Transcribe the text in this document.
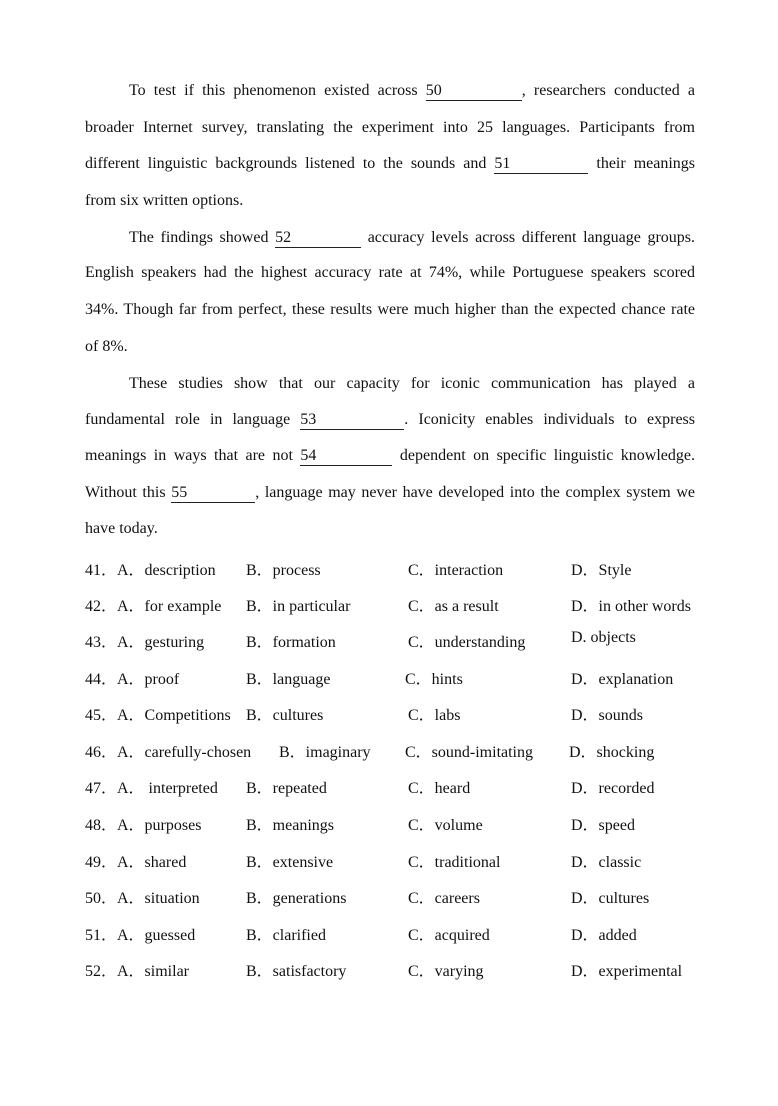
To test if this phenomenon existed across 50	, researchers conducted a
broader Internet survey, translating the experiment into 25 languages. Participants from
different linguistic backgrounds listened to the sounds and 51	their meanings
from six written options.
The findings showed 52	accuracy levels across different language groups.
English speakers had the highest accuracy rate at 74%, while Portuguese speakers scored
34%. Though far from perfect, these results were much higher than the expected chance rate
of 8%.
These studies show that our capacity for iconic communication has played a
fundamental role in language 53	. Iconicity enables individuals to express
meanings in ways that are not 54	dependent on specific linguistic knowledge.
Without this 55	, language may never have developed into the complex system we
have today.
41． A．description B．process	C．interaction	D．Style
42． A．for example B．in particular	C．as a result	D．in other words
43． A．gesturing	B．formation	C．understanding	D. objects
44． A．proof	B．language	C．hints	D．explanation
45． A．Competitions B．cultures	C．labs	D．sounds
46． A．carefully-chosen B．imaginary C．sound-imitating D．shocking
47． A． interpreted B．repeated	C．heard	D．recorded
48． A．purposes	B．meanings	C．volume	D．speed
49． A．shared	B．extensive	C．traditional	D．classic
50． A．situation	B．generations	C．careers	D．cultures
51． A．guessed	B．clarified	C．acquired	D．added
52． A．similar	B．satisfactory	C．varying	D．experimental
